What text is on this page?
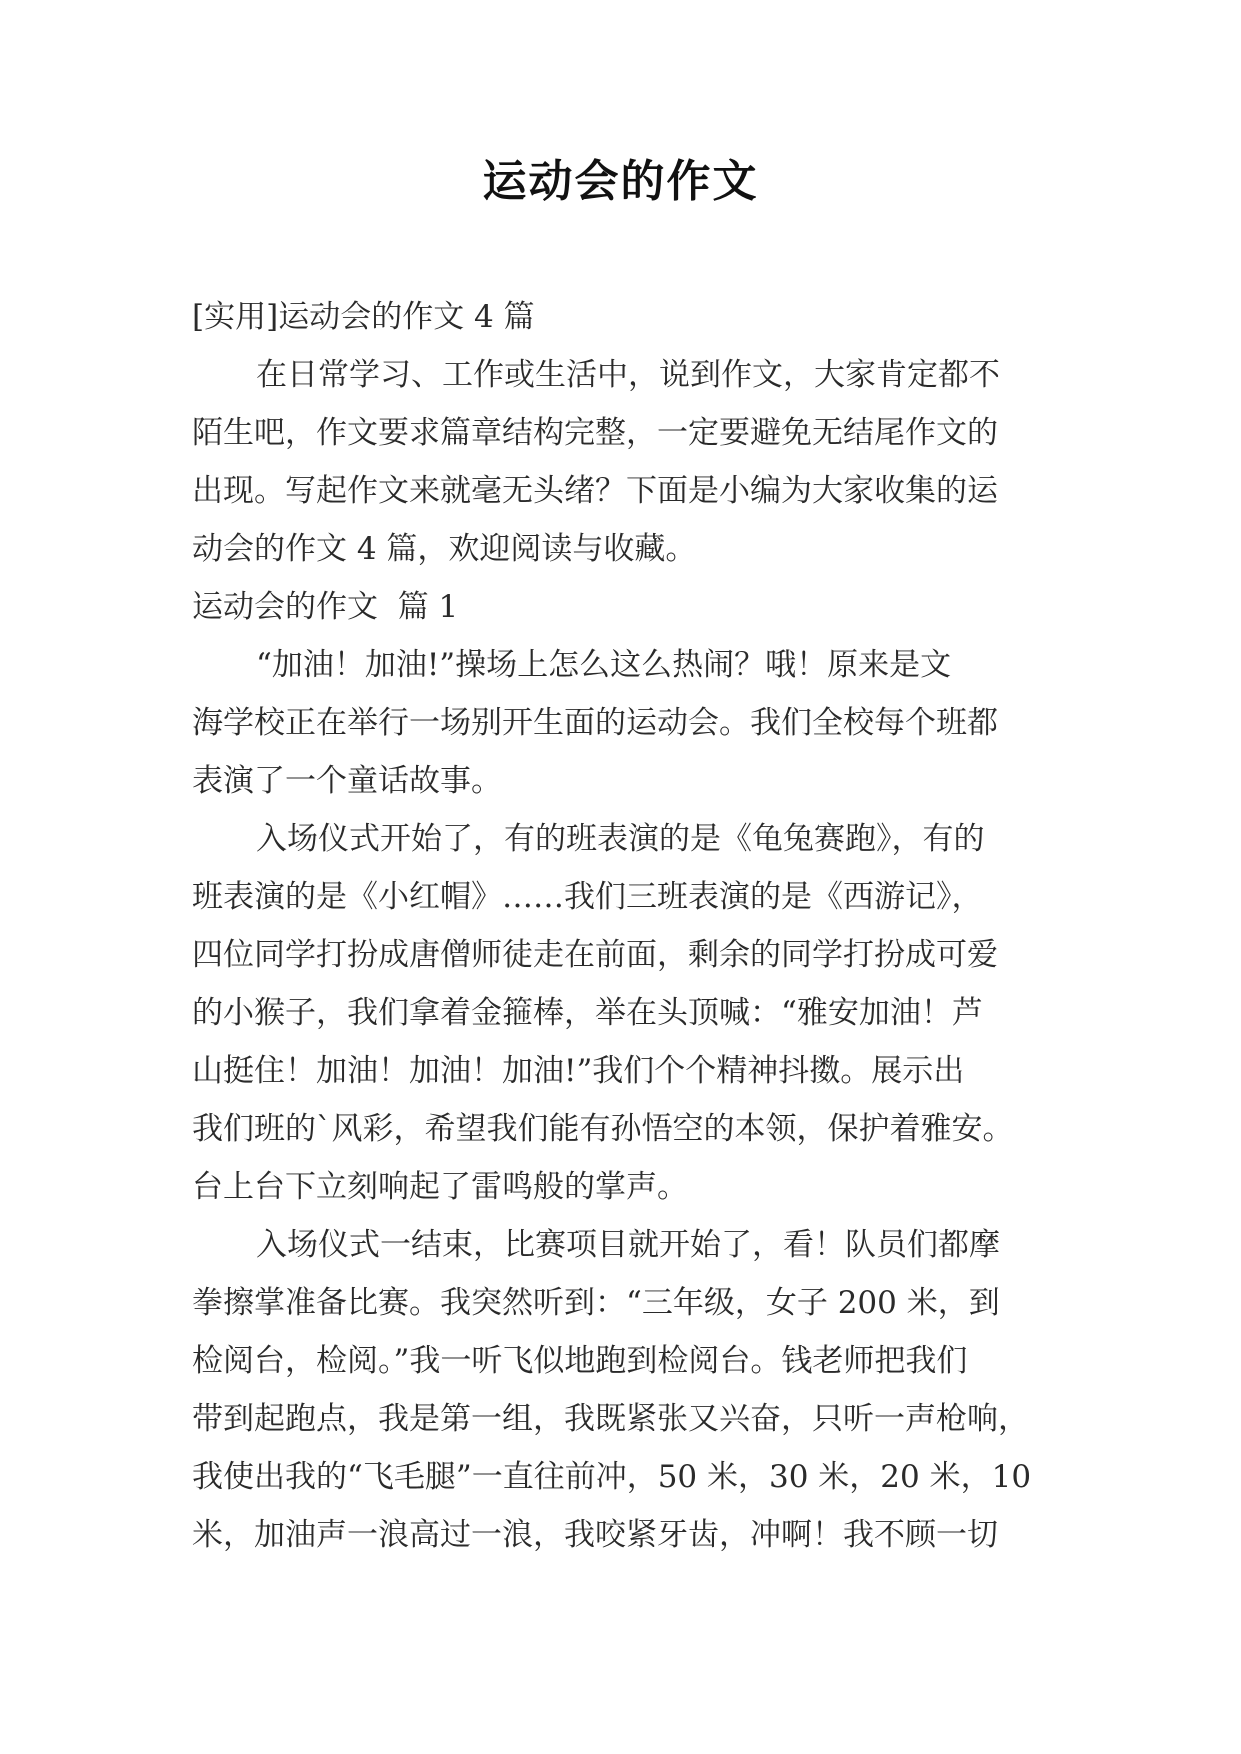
运动会的作文

[实用]运动会的作文 4 篇

在日常学习、工作或生活中，说到作文，大家肯定都不

陌生吧，作文要求篇章结构完整，一定要避免无结尾作文的

出现。写起作文来就毫无头绪？下面是小编为大家收集的运

动会的作文 4 篇，欢迎阅读与收藏。

运动会的作文  篇 1

“加油！加油!”操场上怎么这么热闹？哦！原来是文

海学校正在举行一场别开生面的运动会。我们全校每个班都

表演了一个童话故事。

入场仪式开始了，有的班表演的是《龟兔赛跑》，有的

班表演的是《小红帽》……我们三班表演的是《西游记》，

四位同学打扮成唐僧师徒走在前面，剩余的同学打扮成可爱

的小猴子，我们拿着金箍棒，举在头顶喊：“雅安加油！芦

山挺住！加油！加油！加油!”我们个个精神抖擞。展示出

我们班的`风彩，希望我们能有孙悟空的本领，保护着雅安。

台上台下立刻响起了雷鸣般的掌声。

入场仪式一结束，比赛项目就开始了，看！队员们都摩

拳擦掌准备比赛。我突然听到：“三年级，女子 200 米，到

检阅台，检阅。”我一听飞似地跑到检阅台。钱老师把我们

带到起跑点，我是第一组，我既紧张又兴奋，只听一声枪响，

我使出我的“飞毛腿”一直往前冲，50 米，30 米，20 米，10

米，加油声一浪高过一浪，我咬紧牙齿，冲啊！我不顾一切
